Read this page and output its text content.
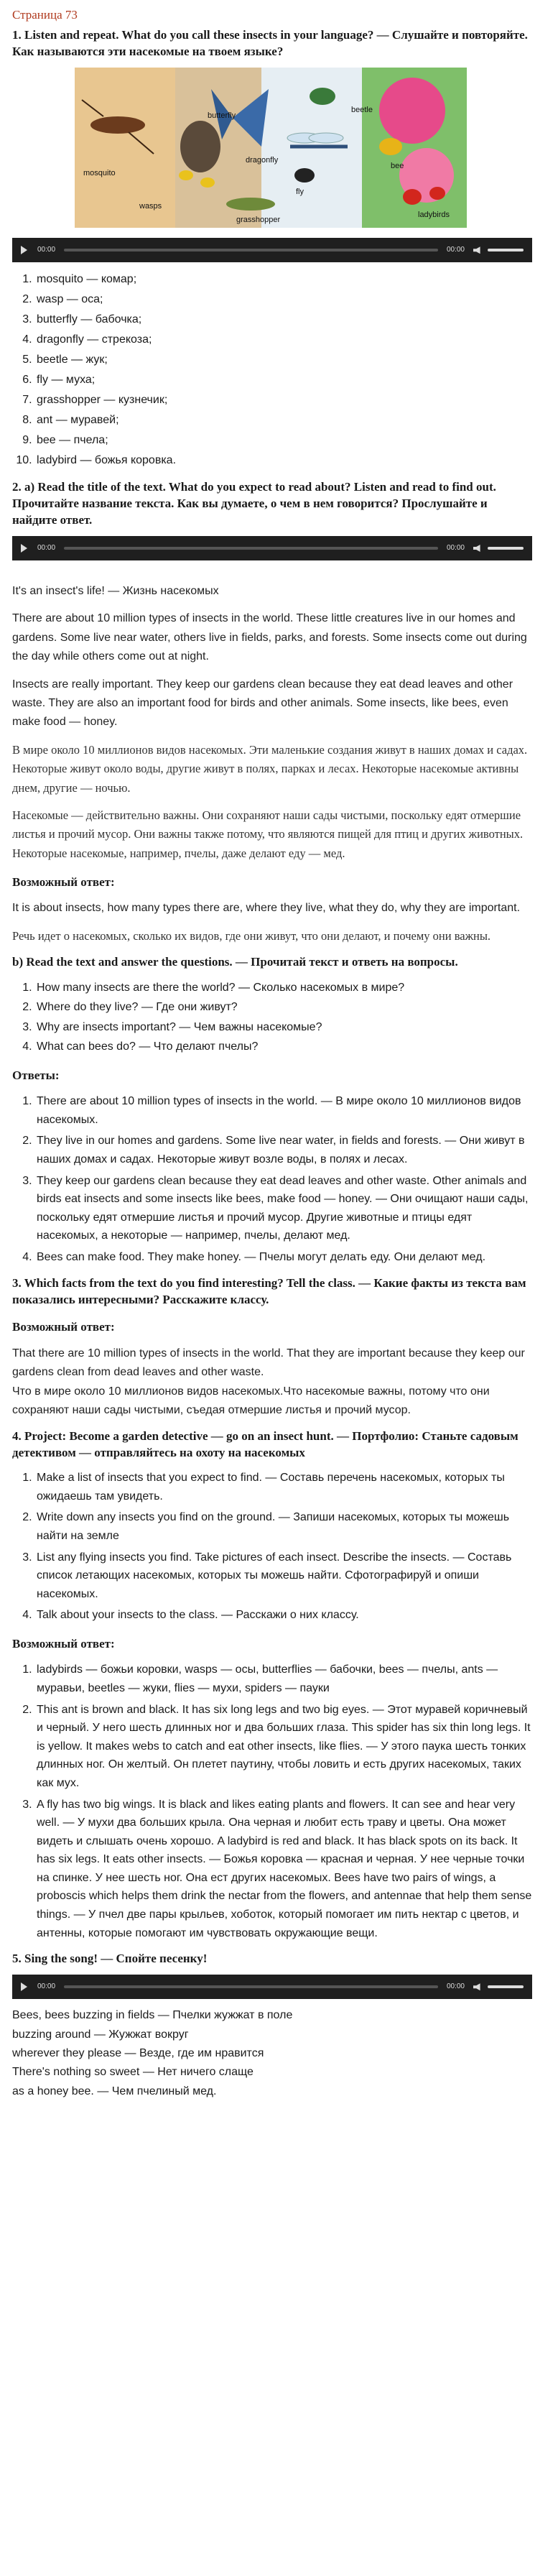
Страница 73
1. Listen and repeat. What do you call these insects in your language? — Слушайте и повторяйте. Как называются эти насекомые на твоем языке?
mosquito
wasps
butterfly
dragonfly
beetle
fly
bee
grasshopper
ladybirds
00:00	00:00
1. mosquito — комар;
2. wasp — оса;
3. butterfly — бабочка;
4. dragonfly — стрекоза;
5. beetle — жук;
6. fly — муха;
7. grasshopper — кузнечик;
8. ant — муравей;
9. bee — пчела;
10. ladybird — божья коровка.
2. a) Read the title of the text. What do you expect to read about? Listen and read to find out.
Прочитайте название текста. Как вы думаете, о чем в нем говорится? Прослушайте и найдите ответ.
00:00	00:00

It's an insect's life! — Жизнь насекомых

There are about 10 million types of insects in the world. These little creatures live in our homes and gardens. Some live near water, others live in fields, parks, and forests. Some insects come out during the day while others come out at night.

Insects are really important. They keep our gardens clean because they eat dead leaves and other waste. They are also an important food for birds and other animals. Some insects, like bees, even make food — honey.

В мире около 10 миллионов видов насекомых. Эти маленькие создания живут в наших домах и садах. Некоторые живут около воды, другие живут в полях, парках и лесах. Некоторые насекомые активны днем, другие — ночью.

Насекомые — действительно важны. Они сохраняют наши сады чистыми, поскольку едят отмершие листья и прочий мусор. Они важны также потому, что являются пищей для птиц и других животных. Некоторые насекомые, например, пчелы, даже делают еду — мед.

Возможный ответ:

It is about insects, how many types there are, where they live, what they do, why they are important.

Речь идет о насекомых, сколько их видов, где они живут, что они делают, и почему они важны.

b) Read the text and answer the questions. — Прочитай текст и ответь на вопросы.
1. How many insects are there the world? — Сколько насекомых в мире?
2. Where do they live? — Где они живут?
3. Why are insects important? — Чем важны насекомые?
4. What can bees do? — Что делают пчелы?

Ответы:

1. There are about 10 million types of insects in the world. — В мире около 10 миллионов видов насекомых.
2. They live in our homes and gardens. Some live near water, in fields and forests. — Они живут в наших домах и садах. Некоторые живут возле воды, в полях и лесах.
3. They keep our gardens clean because they eat dead leaves and other waste. Other animals and birds eat insects and some insects like bees, make food — honey. — Они очищают наши сады, поскольку едят отмершие листья и прочий мусор. Другие животные и птицы едят насекомых, а некоторые — например, пчелы, делают мед.
4. Bees can make food. They make honey. — Пчелы могут делать еду. Они делают мед.
3. Which facts from the text do you find interesting? Tell the class. — Какие факты из текста вам показались интересными? Расскажите классу.

Возможный ответ:

That there are 10 million types of insects in the world. That they are important because they keep our gardens clean from dead leaves and other waste.

Что в мире около 10 миллионов видов насекомых.Что насекомые важны, потому что они сохраняют наши сады чистыми, съедая отмершие листья и прочий мусор.

4. Project: Become a garden detective — go on an insect hunt. — Портфолио: Станьте садовым детективом — отправляйтесь на охоту на насекомых
1. Make a list of insects that you expect to find. — Составь перечень насекомых, которых ты ожидаешь там увидеть.
2. Write down any insects you find on the ground. — Запиши насекомых, которых ты можешь найти на земле
3. List any flying insects you find. Take pictures of each insect. Describe the insects. — Составь список летающих насекомых, которых ты можешь найти. Сфотографируй и опиши насекомых.
4. Talk about your insects to the class. — Расскажи о них классу.

Возможный ответ:

1. ladybirds — божьи коровки, wasps — осы, butterflies — бабочки, bees — пчелы, ants — муравьи, beetles — жуки, flies — мухи, spiders — пауки
2. This ant is brown and black. It has six long legs and two big eyes. — Этот муравей коричневый и черный. У него шесть длинных ног и два больших глаза. This spider has six thin long legs. It is yellow. It makes webs to catch and eat other insects, like flies. — У этого паука шесть тонких длинных ног. Он желтый. Он плетет паутину, чтобы ловить и есть других насекомых, таких как мух.
3. A fly has two big wings. It is black and likes eating plants and flowers. It can see and hear very well. — У мухи два больших крыла. Она черная и любит есть траву и цветы. Она может видеть и слышать очень хорошо. A ladybird is red and black. It has black spots on its back. It has six legs. It eats other insects. — Божья коровка — красная и черная. У нее черные точки на спинке. У нее шесть ног. Она ест других насекомых. Bees have two pairs of wings, a proboscis which helps them drink the nectar from the flowers, and antennae that help them sense things. — У пчел две пары крыльев, хоботок, который помогает им пить нектар с цветов, и антенны, которые помогают им чувствовать окружающие вещи.
5. Sing the song! — Спойте песенку!
00:00	00:00
Bees, bees buzzing in fields — Пчелки жужжат в поле
buzzing around — Жужжат вокруг
wherever they please — Везде, где им нравится
There's nothing so sweet — Нет ничего слаще
as a honey bee. — Чем пчелиный мед.
